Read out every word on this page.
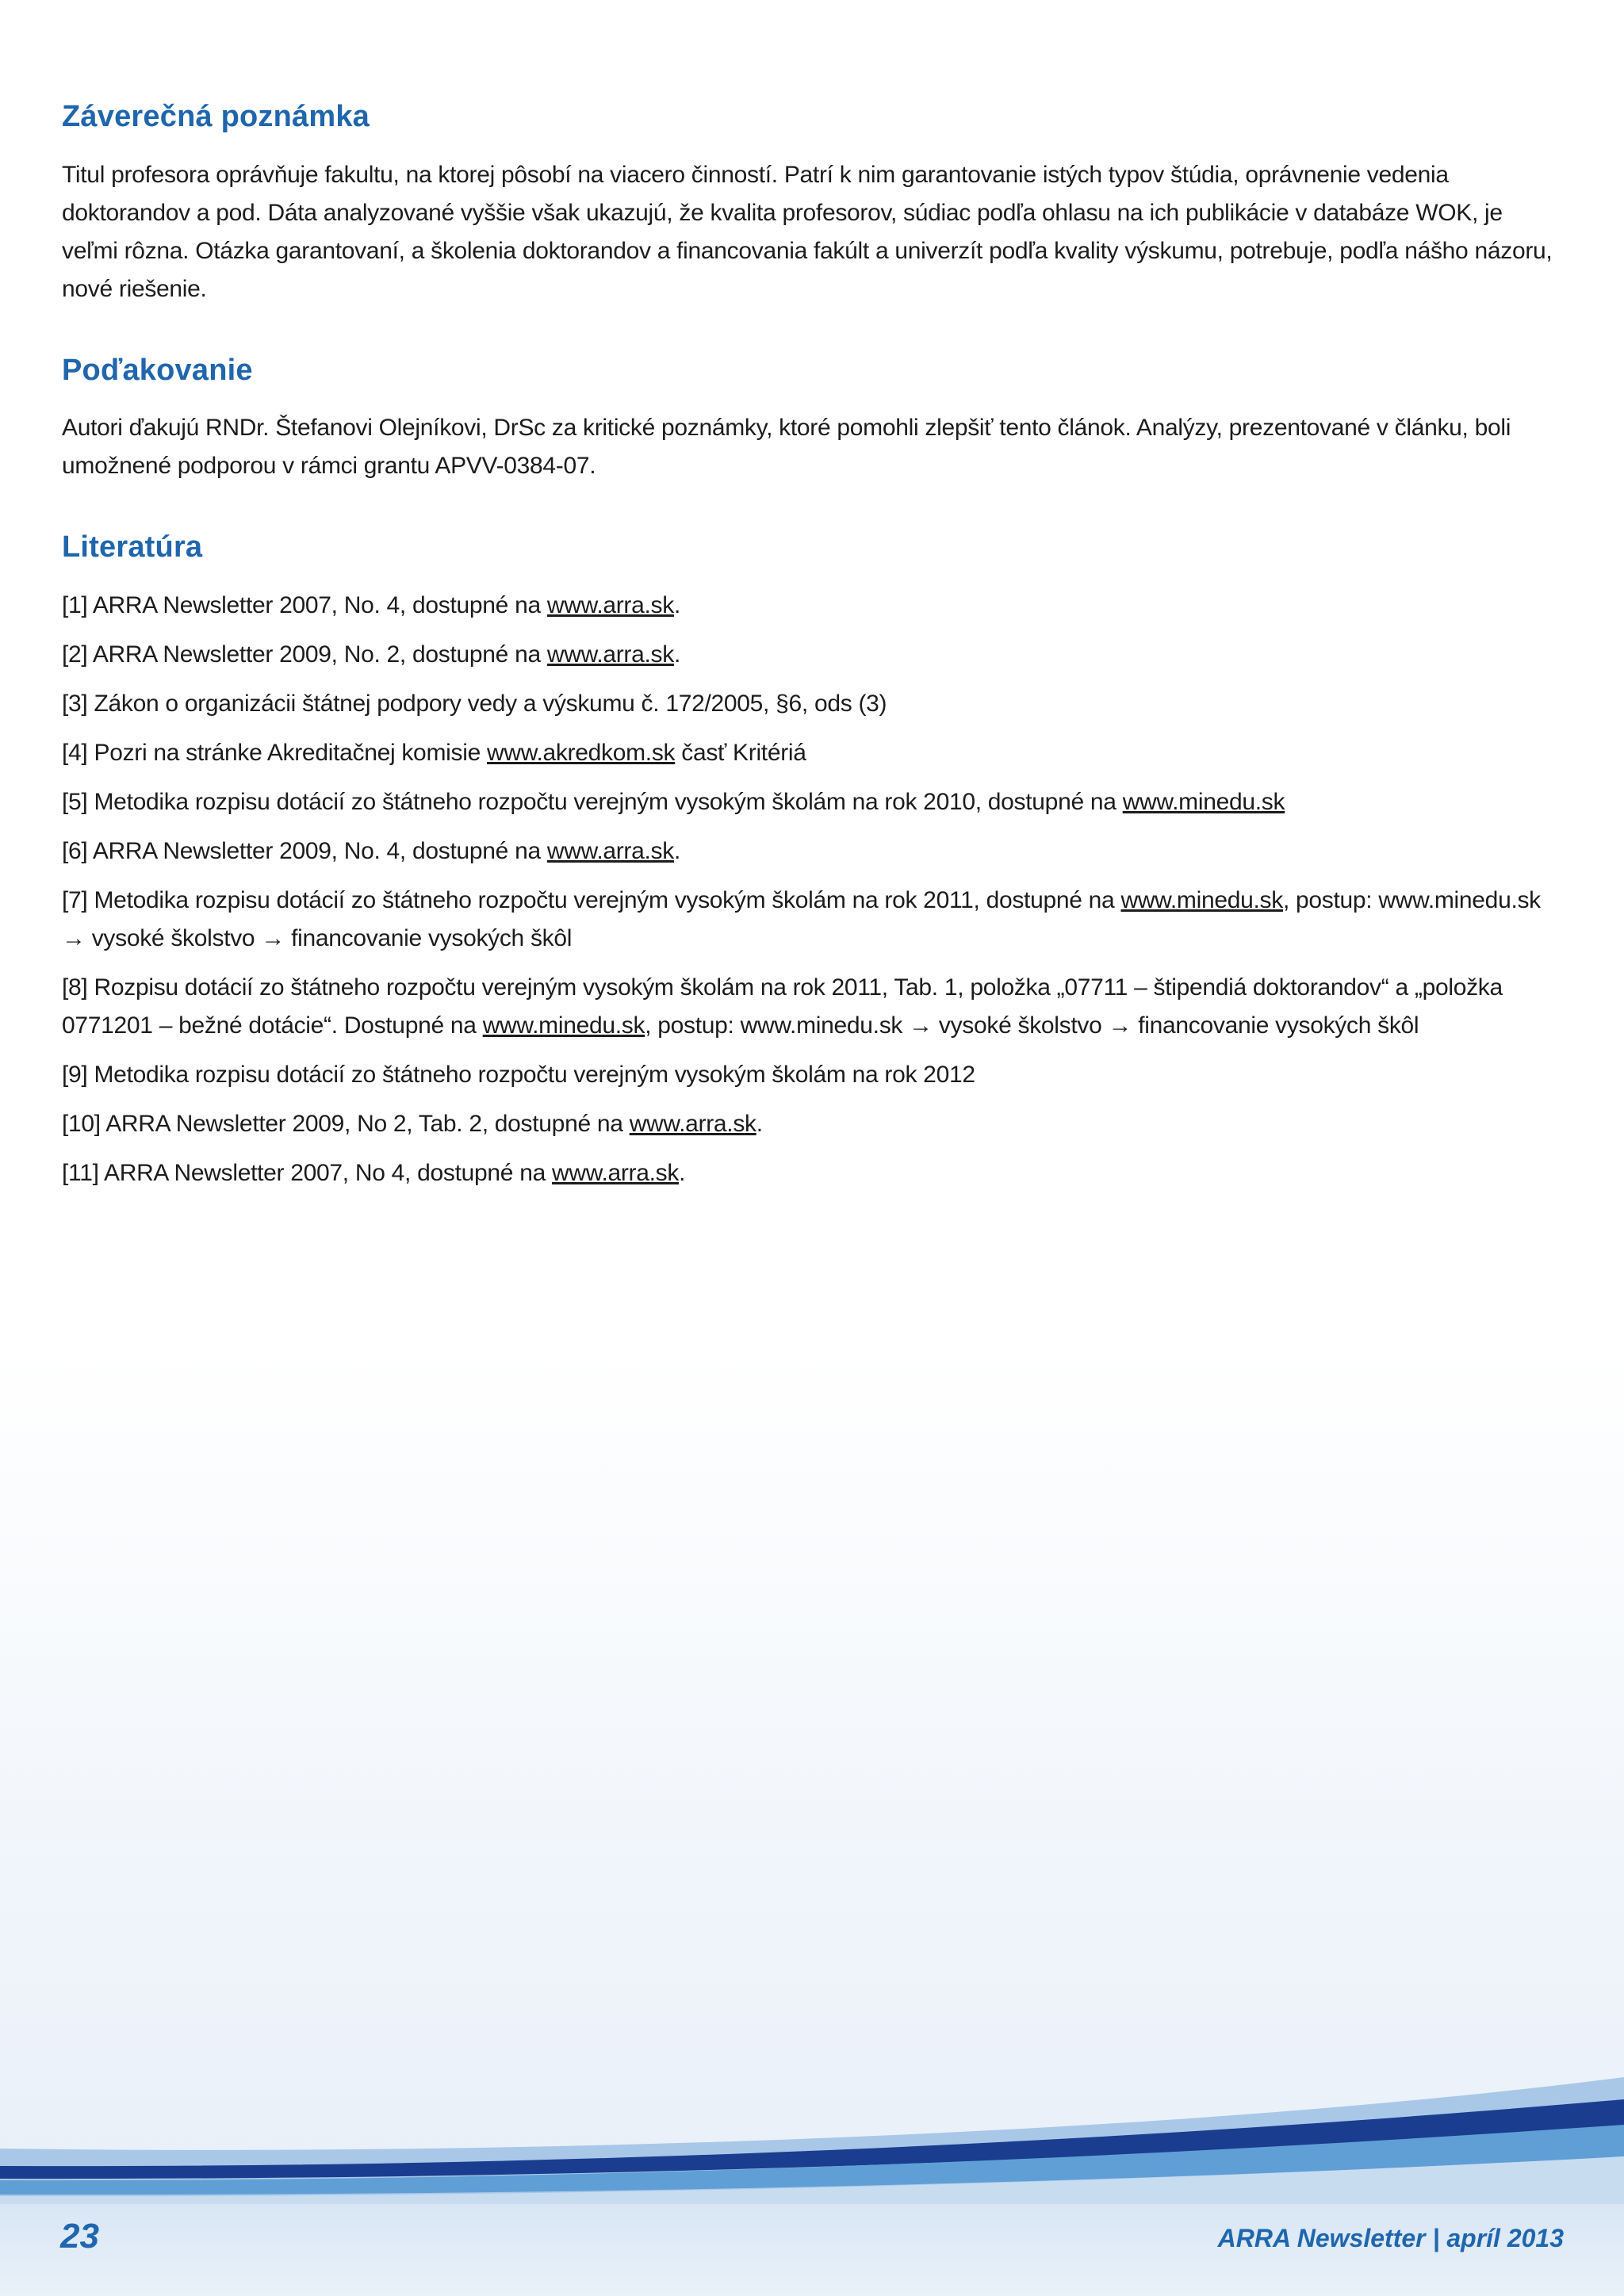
Záverečná poznámka

Titul profesora oprávňuje fakultu, na ktorej pôsobí na viacero činností. Patrí k nim garantovanie istých typov štúdia, oprávnenie vedenia doktorandov a pod. Dáta analyzované vyššie však ukazujú, že kvalita profesorov, súdiac podľa ohlasu na ich publikácie v databáze WOK, je veľmi rôzna. Otázka garantovaní, a školenia doktorandov a financovania fakúlt a univerzít podľa kvality výskumu, potrebuje, podľa nášho názoru, nové riešenie.

Poďakovanie

Autori ďakujú RNDr. Štefanovi Olejníkovi, DrSc za kritické poznámky, ktoré pomohli zlepšiť tento článok. Analýzy, prezentované v článku, boli umožnené podporou v rámci grantu APVV-0384-07.

Literatúra
[1] ARRA Newsletter 2007, No. 4, dostupné na www.arra.sk.
[2] ARRA Newsletter 2009, No. 2, dostupné na www.arra.sk.
[3] Zákon o organizácii štátnej podpory vedy a výskumu č. 172/2005, §6, ods (3)
[4] Pozri na stránke Akreditačnej komisie www.akredkom.sk časť Kritériá
[5] Metodika rozpisu dotácií zo štátneho rozpočtu verejným vysokým školám na rok 2010, dostupné na www.minedu.sk
[6] ARRA Newsletter 2009, No. 4, dostupné na www.arra.sk.
[7] Metodika rozpisu dotácií zo štátneho rozpočtu verejným vysokým školám na rok 2011, dostupné na www.minedu.sk, postup: www.minedu.sk → vysoké školstvo → financovanie vysokých škôl
[8] Rozpisu dotácií zo štátneho rozpočtu verejným vysokým školám na rok 2011, Tab. 1, položka „07711 – štipendiá doktorandov“ a „položka 0771201 – bežné dotácie“. Dostupné na www.minedu.sk, postup: www.minedu.sk → vysoké školstvo → financovanie vysokých škôl
[9] Metodika rozpisu dotácií zo štátneho rozpočtu verejným vysokým školám na rok 2012
[10] ARRA Newsletter 2009, No 2, Tab. 2, dostupné na www.arra.sk.
[11] ARRA Newsletter 2007, No 4, dostupné na www.arra.sk.
23	ARRA Newsletter | apríl 2013
